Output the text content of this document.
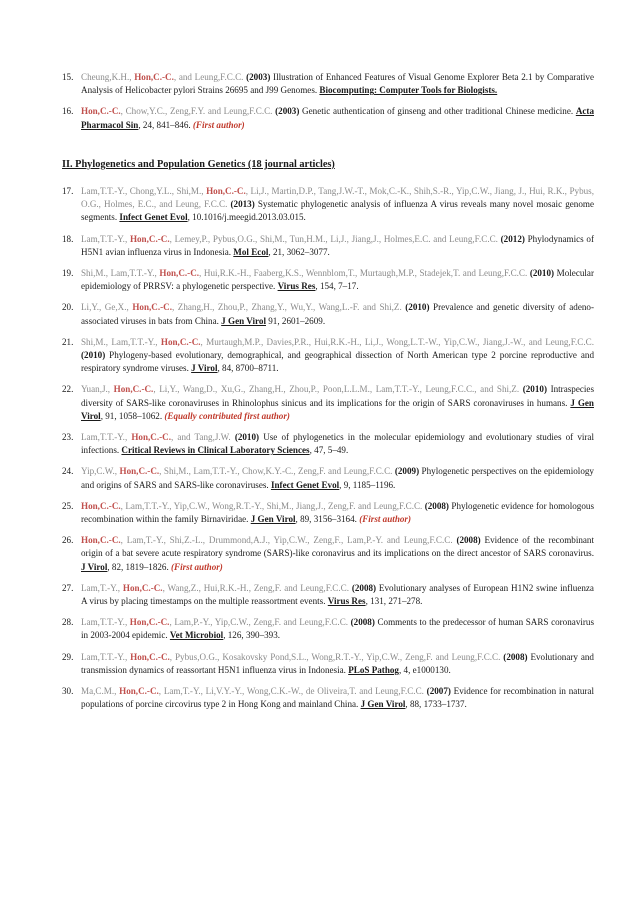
15. Cheung,K.H., Hon,C.-C., and Leung,F.C.C. (2003) Illustration of Enhanced Features of Visual Genome Explorer Beta 2.1 by Comparative Analysis of Helicobacter pylori Strains 26695 and J99 Genomes. Biocomputing: Computer Tools for Biologists.
16. Hon,C.-C., Chow,Y.C., Zeng,F.Y. and Leung,F.C.C. (2003) Genetic authentication of ginseng and other traditional Chinese medicine. Acta Pharmacol Sin, 24, 841–846. (First author)
II. Phylogenetics and Population Genetics (18 journal articles)
17. Lam,T.T.-Y., Chong,Y.L., Shi,M., Hon,C.-C., Li,J., Martin,D.P., Tang,J.W.-T., Mok,C.-K., Shih,S.-R., Yip,C.W., Jiang, J., Hui, R.K., Pybus, O.G., Holmes, E.C., and Leung, F.C.C. (2013) Systematic phylogenetic analysis of influenza A virus reveals many novel mosaic genome segments. Infect Genet Evol, 10.1016/j.meegid.2013.03.015.
18. Lam,T.T.-Y., Hon,C.-C., Lemey,P., Pybus,O.G., Shi,M., Tun,H.M., Li,J., Jiang,J., Holmes,E.C. and Leung,F.C.C. (2012) Phylodynamics of H5N1 avian influenza virus in Indonesia. Mol Ecol, 21, 3062–3077.
19. Shi,M., Lam,T.T.-Y., Hon,C.-C., Hui,R.K.-H., Faaberg,K.S., Wennblom,T., Murtaugh,M.P., Stadejek,T. and Leung,F.C.C. (2010) Molecular epidemiology of PRRSV: a phylogenetic perspective. Virus Res, 154, 7–17.
20. Li,Y., Ge,X., Hon,C.-C., Zhang,H., Zhou,P., Zhang,Y., Wu,Y., Wang,L.-F. and Shi,Z. (2010) Prevalence and genetic diversity of adeno-associated viruses in bats from China. J Gen Virol 91, 2601–2609.
21. Shi,M., Lam,T.T.-Y., Hon,C.-C., Murtaugh,M.P., Davies,P.R., Hui,R.K.-H., Li,J., Wong,L.T.-W., Yip,C.W., Jiang,J.-W., and Leung,F.C.C. (2010) Phylogeny-based evolutionary, demographical, and geographical dissection of North American type 2 porcine reproductive and respiratory syndrome viruses. J Virol, 84, 8700–8711.
22. Yuan,J., Hon,C.-C., Li,Y., Wang,D., Xu,G., Zhang,H., Zhou,P., Poon,L.L.M., Lam,T.T.-Y., Leung,F.C.C., and Shi,Z. (2010) Intraspecies diversity of SARS-like coronaviruses in Rhinolophus sinicus and its implications for the origin of SARS coronaviruses in humans. J Gen Virol, 91, 1058–1062. (Equally contributed first author)
23. Lam,T.T.-Y., Hon,C.-C., and Tang,J.W. (2010) Use of phylogenetics in the molecular epidemiology and evolutionary studies of viral infections. Critical Reviews in Clinical Laboratory Sciences, 47, 5–49.
24. Yip,C.W., Hon,C.-C., Shi,M., Lam,T.T.-Y., Chow,K.Y.-C., Zeng,F. and Leung,F.C.C. (2009) Phylogenetic perspectives on the epidemiology and origins of SARS and SARS-like coronaviruses. Infect Genet Evol, 9, 1185–1196.
25. Hon,C.-C., Lam,T.T.-Y., Yip,C.W., Wong,R.T.-Y., Shi,M., Jiang,J., Zeng,F. and Leung,F.C.C. (2008) Phylogenetic evidence for homologous recombination within the family Birnaviridae. J Gen Virol, 89, 3156–3164. (First author)
26. Hon,C.-C., Lam,T.-Y., Shi,Z.-L., Drummond,A.J., Yip,C.W., Zeng,F., Lam,P.-Y. and Leung,F.C.C. (2008) Evidence of the recombinant origin of a bat severe acute respiratory syndrome (SARS)-like coronavirus and its implications on the direct ancestor of SARS coronavirus. J Virol, 82, 1819–1826. (First author)
27. Lam,T.-Y., Hon,C.-C., Wang,Z., Hui,R.K.-H., Zeng,F. and Leung,F.C.C. (2008) Evolutionary analyses of European H1N2 swine influenza A virus by placing timestamps on the multiple reassortment events. Virus Res, 131, 271–278.
28. Lam,T.T.-Y., Hon,C.-C., Lam,P.-Y., Yip,C.W., Zeng,F. and Leung,F.C.C. (2008) Comments to the predecessor of human SARS coronavirus in 2003-2004 epidemic. Vet Microbiol, 126, 390–393.
29. Lam,T.T.-Y., Hon,C.-C., Pybus,O.G., Kosakovsky Pond,S.L., Wong,R.T.-Y., Yip,C.W., Zeng,F. and Leung,F.C.C. (2008) Evolutionary and transmission dynamics of reassortant H5N1 influenza virus in Indonesia. PLoS Pathog, 4, e1000130.
30. Ma,C.M., Hon,C.-C., Lam,T.-Y., Li,V.Y.-Y., Wong,C.K.-W., de Oliveira,T. and Leung,F.C.C. (2007) Evidence for recombination in natural populations of porcine circovirus type 2 in Hong Kong and mainland China. J Gen Virol, 88, 1733–1737.
